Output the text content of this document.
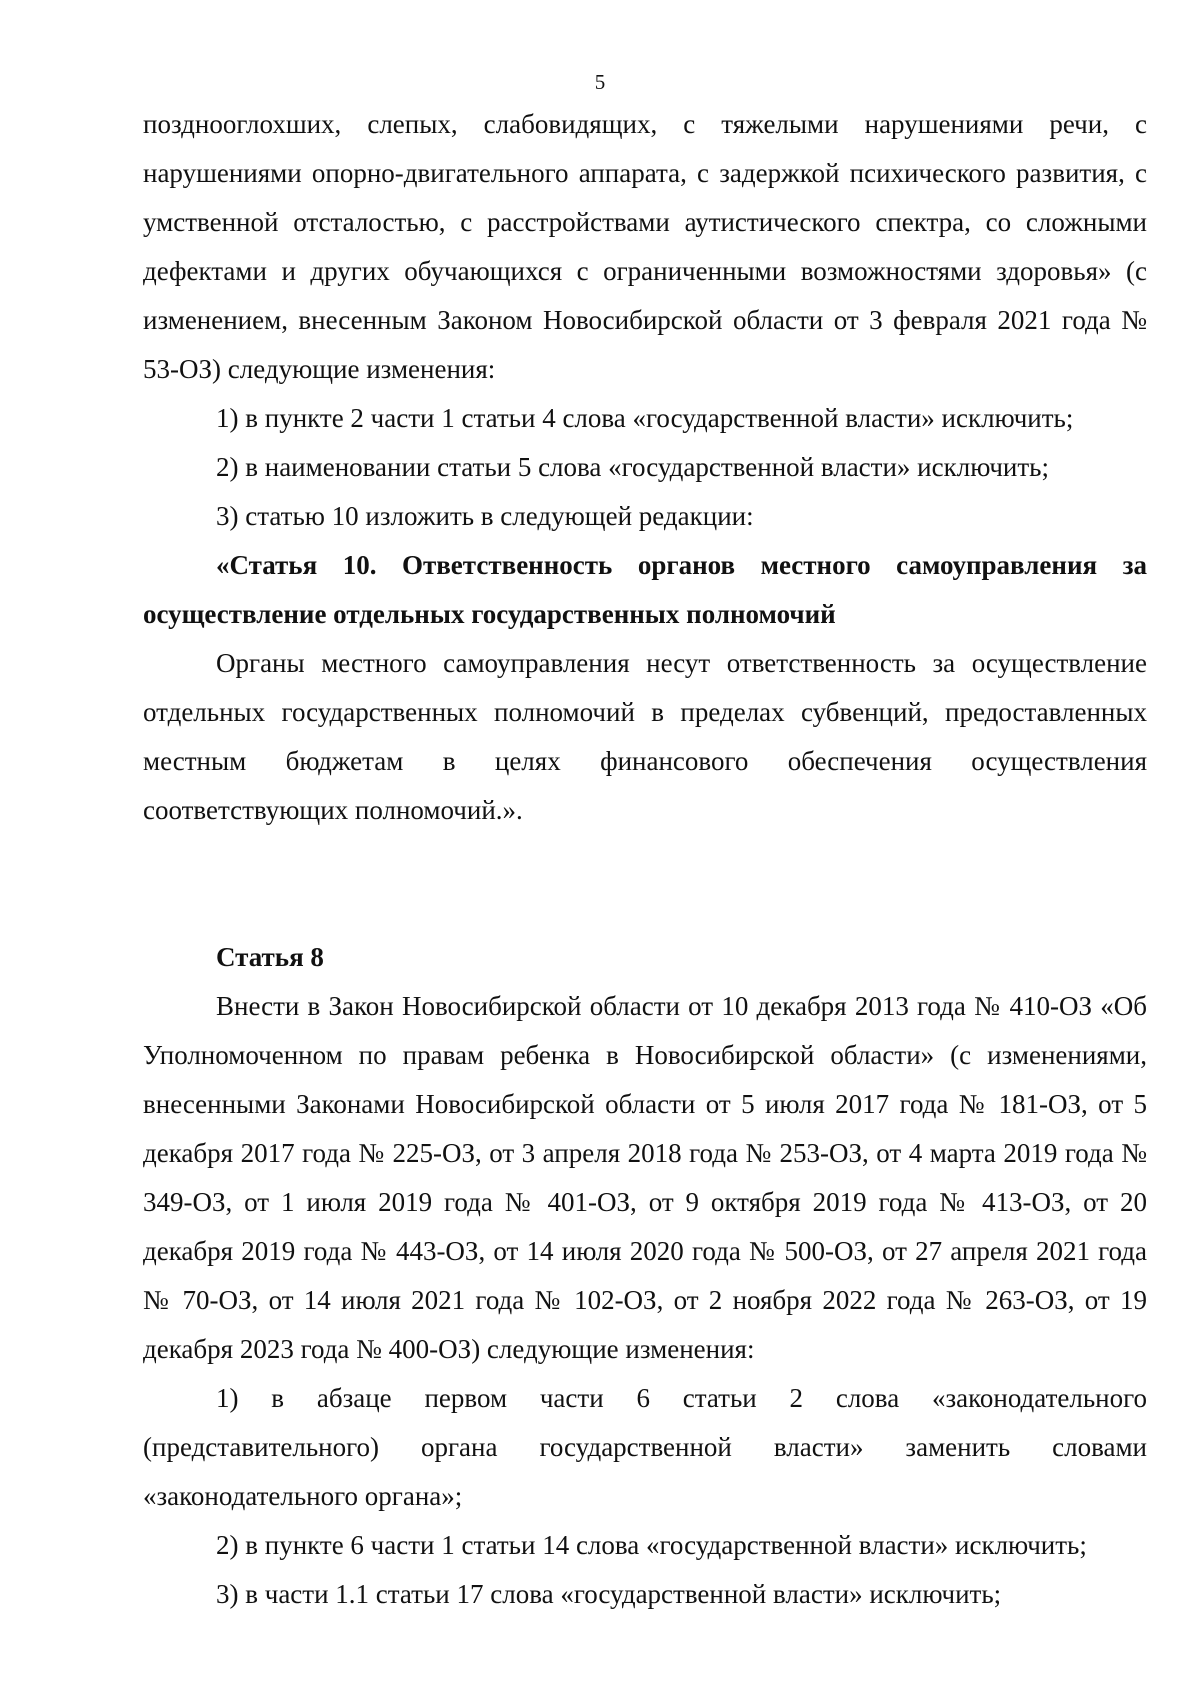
5

позднооглохших, слепых, слабовидящих, с тяжелыми нарушениями речи, с нарушениями опорно-двигательного аппарата, с задержкой психического развития, с умственной отсталостью, с расстройствами аутистического спектра, со сложными дефектами и других обучающихся с ограниченными возможностями здоровья» (с изменением, внесенным Законом Новосибирской области от 3 февраля 2021 года № 53-ОЗ) следующие изменения:

1) в пункте 2 части 1 статьи 4 слова «государственной власти» исключить;

2) в наименовании статьи 5 слова «государственной власти» исключить;

3) статью 10 изложить в следующей редакции:

«Статья 10. Ответственность органов местного самоуправления за осуществление отдельных государственных полномочий

Органы местного самоуправления несут ответственность за осуществление отдельных государственных полномочий в пределах субвенций, предоставленных местным бюджетам в целях финансового обеспечения осуществления соответствующих полномочий.».

Статья 8

Внести в Закон Новосибирской области от 10 декабря 2013 года № 410-ОЗ «Об Уполномоченном по правам ребенка в Новосибирской области» (с изменениями, внесенными Законами Новосибирской области от 5 июля 2017 года № 181-ОЗ, от 5 декабря 2017 года № 225-ОЗ, от 3 апреля 2018 года № 253-ОЗ, от 4 марта 2019 года № 349-ОЗ, от 1 июля 2019 года № 401-ОЗ, от 9 октября 2019 года № 413-ОЗ, от 20 декабря 2019 года № 443-ОЗ, от 14 июля 2020 года № 500-ОЗ, от 27 апреля 2021 года № 70-ОЗ, от 14 июля 2021 года № 102-ОЗ, от 2 ноября 2022 года № 263-ОЗ, от 19 декабря 2023 года № 400-ОЗ) следующие изменения:

1) в абзаце первом части 6 статьи 2 слова «законодательного (представительного) органа государственной власти» заменить словами «законодательного органа»;

2) в пункте 6 части 1 статьи 14 слова «государственной власти» исключить;

3) в части 1.1 статьи 17 слова «государственной власти» исключить;
